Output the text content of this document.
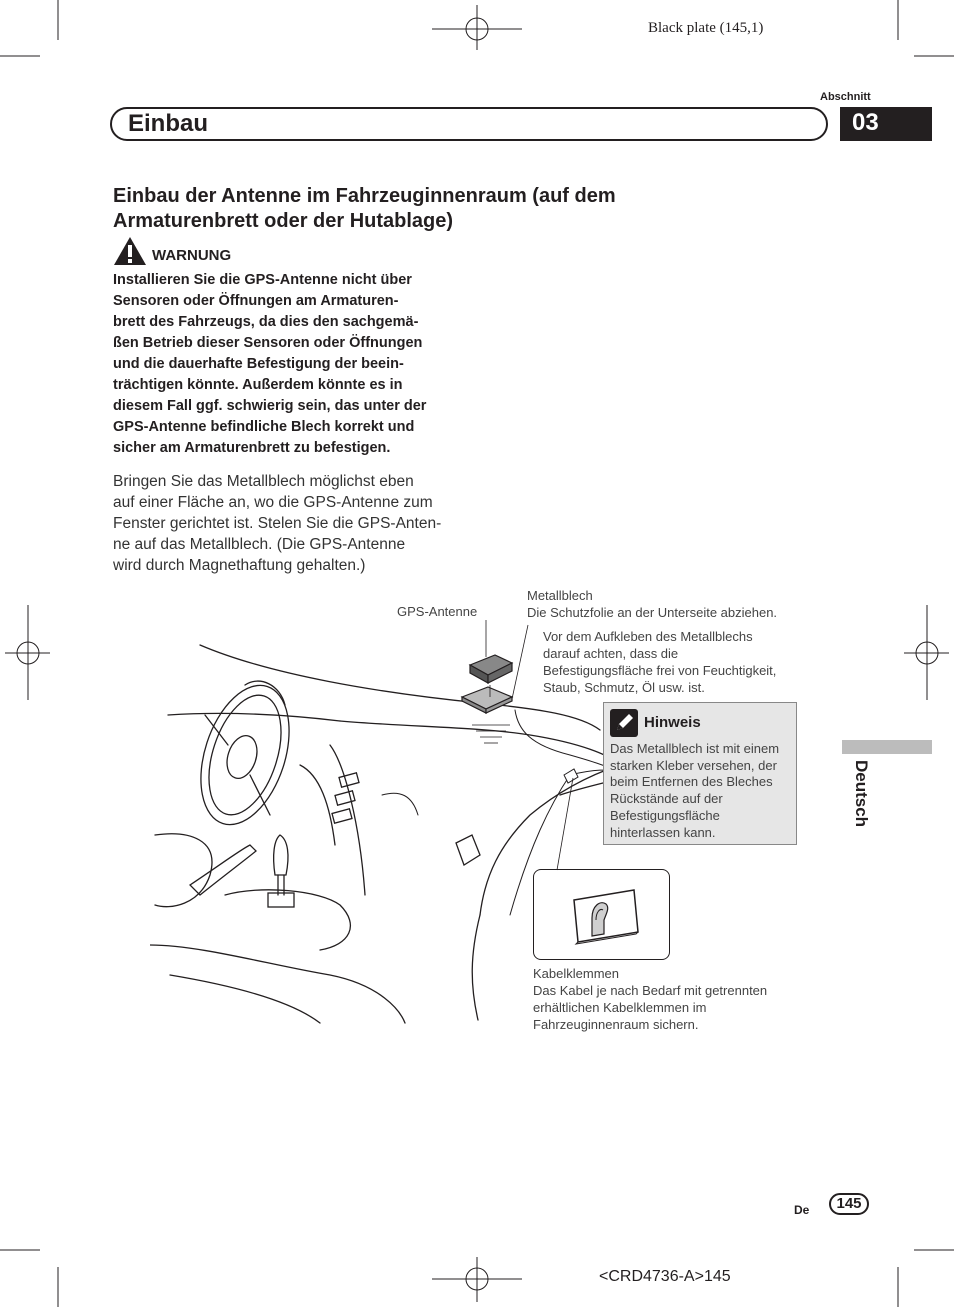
Black plate (145,1)
Abschnitt
Einbau	03
Einbau der Antenne im Fahrzeuginnenraum (auf dem Armaturenbrett oder der Hutablage)
WARNUNG
Installieren Sie die GPS-Antenne nicht über
Sensoren oder Öffnungen am Armaturen-
brett des Fahrzeugs, da dies den sachgemä-
ßen Betrieb dieser Sensoren oder Öffnungen
und die dauerhafte Befestigung der beein-
trächtigen könnte. Außerdem könnte es in
diesem Fall ggf. schwierig sein, das unter der
GPS-Antenne befindliche Blech korrekt und
sicher am Armaturenbrett zu befestigen.
Bringen Sie das Metallblech möglichst eben
auf einer Fläche an, wo die GPS-Antenne zum
Fenster gerichtet ist. Stelen Sie die GPS-Anten-
ne auf das Metallblech. (Die GPS-Antenne
wird durch Magnethaftung gehalten.)
GPS-Antenne
Metallblech
Die Schutzfolie an der Unterseite abziehen.
Vor dem Aufkleben des Metallblechs
darauf achten, dass die
Befestigungsfläche frei von Feuchtigkeit,
Staub, Schmutz, Öl usw. ist.
Hinweis
Das Metallblech ist mit einem
starken Kleber versehen, der
beim Entfernen des Bleches
Rückstände auf der
Befestigungsfläche
hinterlassen kann.
Kabelklemmen
Das Kabel je nach Bedarf mit getrennten
erhältlichen Kabelklemmen im
Fahrzeuginnenraum sichern.
Deutsch
De	145
<CRD4736-A>145
